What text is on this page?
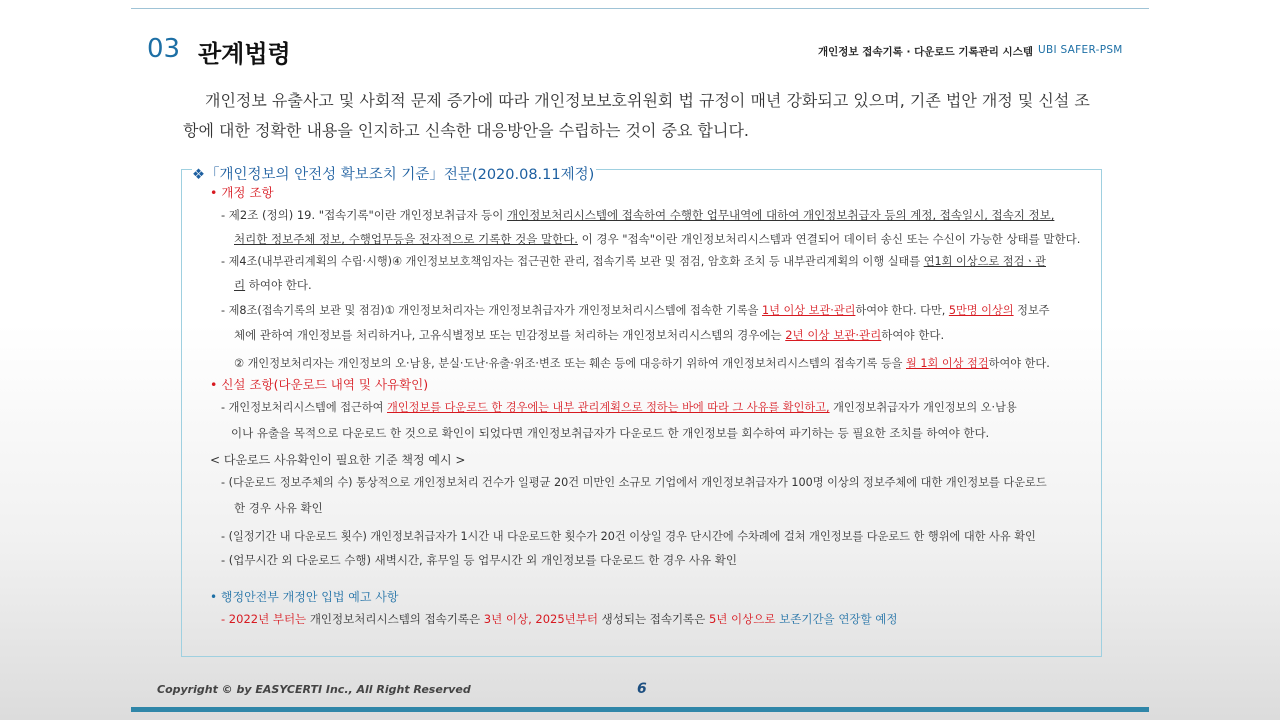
03 관계법령	개인정보 접속기록 · 다운로드 기록관리 시스템 UBI SAFER-PSM

개인정보 유출사고 및 사회적 문제 증가에 따라 개인정보보호위원회 법 규정이 매년 강화되고 있으며, 기존 법안 개정 및 신설 조항에 대한 정확한 내용을 인지하고 신속한 대응방안을 수립하는 것이 중요 합니다.

❖「개인정보의 안전성 확보조치 기준」전문(2020.08.11제정)
• 개정 조항
- 제2조 (정의) 19. "접속기록"이란 개인정보취급자 등이 개인정보처리시스템에 접속하여 수행한 업무내역에 대하여 개인정보취급자 등의 계정, 접속일시, 접속지 정보,
처리한 정보주체 정보, 수행업무등을 전자적으로 기록한 것을 말한다. 이 경우 "접속"이란 개인정보처리시스템과 연결되어 데이터 송신 또는 수신이 가능한 상태를 말한다.
- 제4조(내부관리계획의 수립·시행)④ 개인정보보호책임자는 접근권한 관리, 접속기록 보관 및 점검, 암호화 조치 등 내부관리계획의 이행 실태를 연1회 이상으로 점검ㆍ관
리 하여야 한다.
- 제8조(접속기록의 보관 및 점검)① 개인정보처리자는 개인정보취급자가 개인정보처리시스템에 접속한 기록을 1년 이상 보관·관리하여야 한다. 다만, 5만명 이상의 정보주
체에 관하여 개인정보를 처리하거나, 고유식별정보 또는 민감정보를 처리하는 개인정보처리시스템의 경우에는 2년 이상 보관·관리하여야 한다.
② 개인정보처리자는 개인정보의 오·남용, 분실·도난·유출·위조·변조 또는 훼손 등에 대응하기 위하여 개인정보처리시스템의 접속기록 등을 월 1회 이상 점검하여야 한다.
• 신설 조항(다운로드 내역 및 사유확인)
- 개인정보처리시스템에 접근하여 개인정보를 다운로드 한 경우에는 내부 관리계획으로 정하는 바에 따라 그 사유를 확인하고, 개인정보취급자가 개인정보의 오·남용
이나 유출을 목적으로 다운로드 한 것으로 확인이 되었다면 개인정보취급자가 다운로드 한 개인정보를 회수하여 파기하는 등 필요한 조치를 하여야 한다.
< 다운로드 사유확인이 필요한 기준 책정 예시 >
- (다운로드 정보주체의 수) 통상적으로 개인정보처리 건수가 일평균 20건 미만인 소규모 기업에서 개인정보취급자가 100명 이상의 정보주체에 대한 개인정보를 다운로드
한 경우 사유 확인
- (일정기간 내 다운로드 횟수) 개인정보취급자가 1시간 내 다운로드한 횟수가 20건 이상일 경우 단시간에 수차례에 걸쳐 개인정보를 다운로드 한 행위에 대한 사유 확인
- (업무시간 외 다운로드 수행) 새벽시간, 휴무일 등 업무시간 외 개인정보를 다운로드 한 경우 사유 확인
• 행정안전부 개정안 입법 예고 사항
- 2022년 부터는 개인정보처리시스템의 접속기록은 3년 이상, 2025년부터 생성되는 접속기록은 5년 이상으로 보존기간을 연장할 예정
Copyright © by EASYCERTI Inc., All Right Reserved	6
